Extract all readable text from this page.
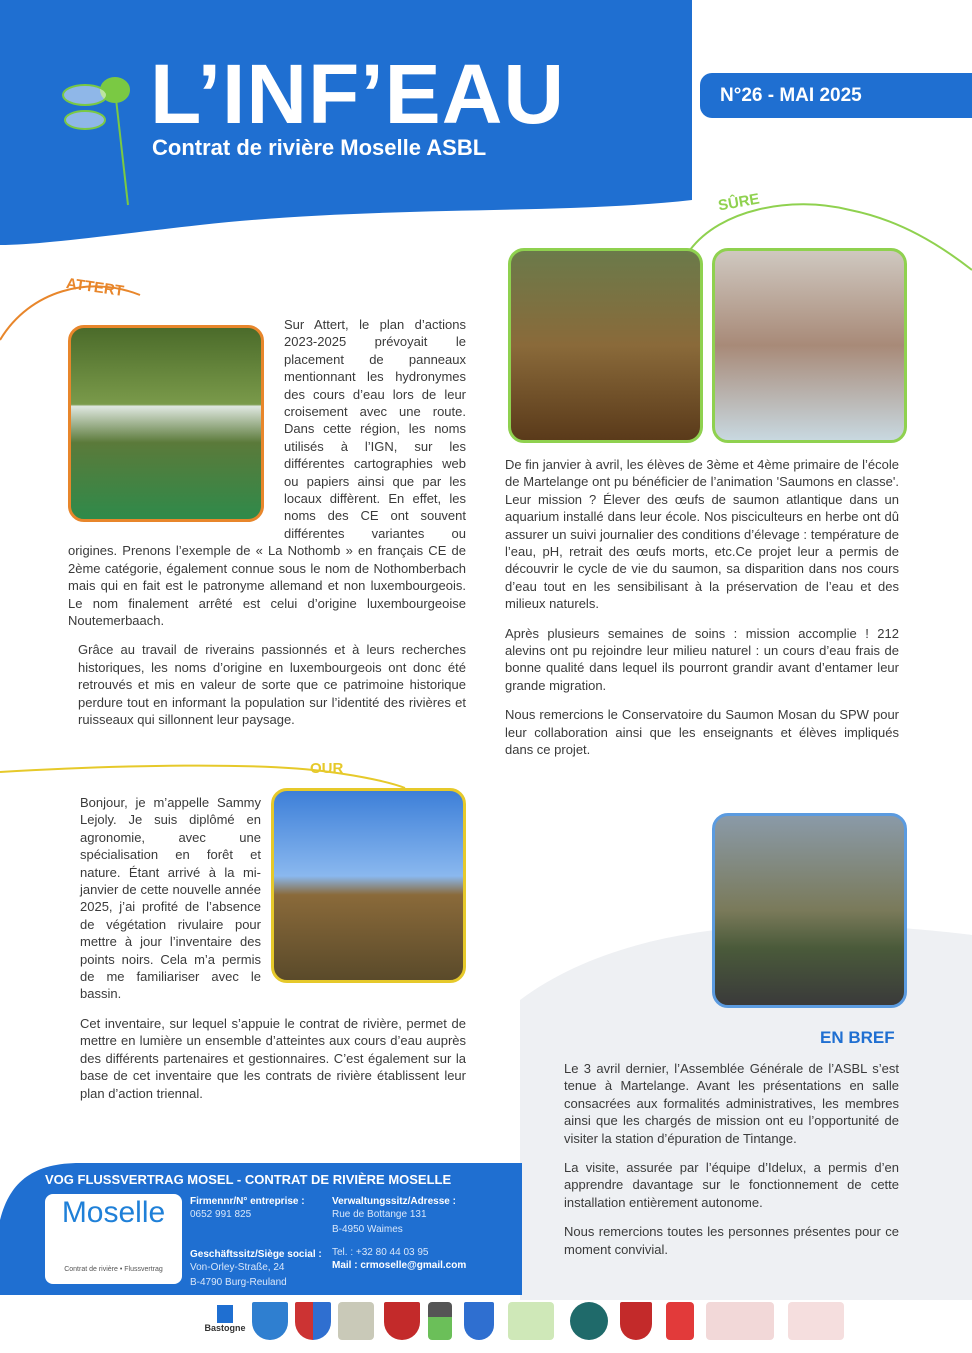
L’INF’EAU
Contrat de rivière Moselle ASBL
N°26 - MAI 2025
ATTERT

Sur Attert, le plan d’actions 2023-2025 prévoyait le placement de panneaux mentionnant les hydronymes des cours d’eau lors de leur croisement avec une route. Dans cette région, les noms utilisés à l’IGN, sur les différentes cartographies web ou papiers ainsi que par les locaux diffèrent. En effet, les noms des CE ont souvent différentes variantes ou origines. Prenons l’exemple de « La Nothomb » en français CE de 2ème catégorie, également connue sous le nom de Nothomberbach mais qui en fait est le patronyme allemand et non luxembourgeois. Le nom finalement arrêté est celui d’origine luxembourgeoise Noutemerbaach.

Grâce au travail de riverains passionnés et à leurs recherches historiques, les noms d’origine en luxembourgeois ont donc été retrouvés et mis en valeur de sorte que ce patrimoine historique perdure tout en informant la population sur l’identité des rivières et ruisseaux qui sillonnent leur paysage.

SÛRE

De fin janvier à avril, les élèves de 3ème et 4ème primaire de l’école de Martelange ont pu bénéficier de l’animation 'Saumons en classe'. Leur mission ? Élever des œufs de saumon atlantique dans un aquarium installé dans leur école. Nos pisciculteurs en herbe ont dû assurer un suivi journalier des conditions d’élevage : température de l’eau, pH, retrait des œufs morts, etc.Ce projet leur a permis de découvrir le cycle de vie du saumon, sa disparition dans nos cours d’eau tout en les sensibilisant à la préservation de l’eau et des milieux naturels.

Après plusieurs semaines de soins : mission accomplie ! 212 alevins ont pu rejoindre leur milieu naturel : un cours d’eau frais de bonne qualité dans lequel ils pourront grandir avant d’entamer leur grande migration.

Nous remercions le Conservatoire du Saumon Mosan du SPW pour leur collaboration ainsi que les enseignants et élèves impliqués dans ce projet.

OUR

Bonjour, je m’appelle Sammy Lejoly. Je suis diplômé en agronomie, avec une spécialisation en forêt et nature. Étant arrivé à la mi-janvier de cette nouvelle année 2025, j’ai profité de l’absence de végétation rivulaire pour mettre à jour l’inventaire des points noirs. Cela m’a permis de me familiariser avec le bassin.

Cet inventaire, sur lequel s’appuie le contrat de rivière, permet de mettre en lumière un ensemble d’atteintes aux cours d’eau auprès des différents partenaires et gestionnaires. C’est également sur la base de cet inventaire que les contrats de rivière établissent leur plan d’action triennal.

EN BREF

Le 3 avril dernier, l’Assemblée Générale de l’ASBL s’est tenue à Martelange. Avant les présentations en salle consacrées aux formalités administratives, les membres ainsi que les chargés de mission ont eu l’opportunité de visiter la station d’épuration de Tintange.

La visite, assurée par l’équipe d’Idelux, a permis d’en apprendre davantage sur le fonctionnement de cette installation entièrement autonome.

Nous remercions toutes les personnes présentes pour ce moment convivial.

VOG FLUSSVERTRAG MOSEL - CONTRAT DE RIVIÈRE MOSELLE
Moselle
Contrat de rivière • Flussvertrag
Firmennr/N° entreprise :
0652 991 825
Geschäftssitz/Siège social :
Von-Orley-Straße, 24
B-4790 Burg-Reuland
Verwaltungssitz/Adresse :
Rue de Bottange 131
B-4950 Waimes
Tel. : +32 80 44 03 95
Mail : crmoselle@gmail.com
Bastogne
